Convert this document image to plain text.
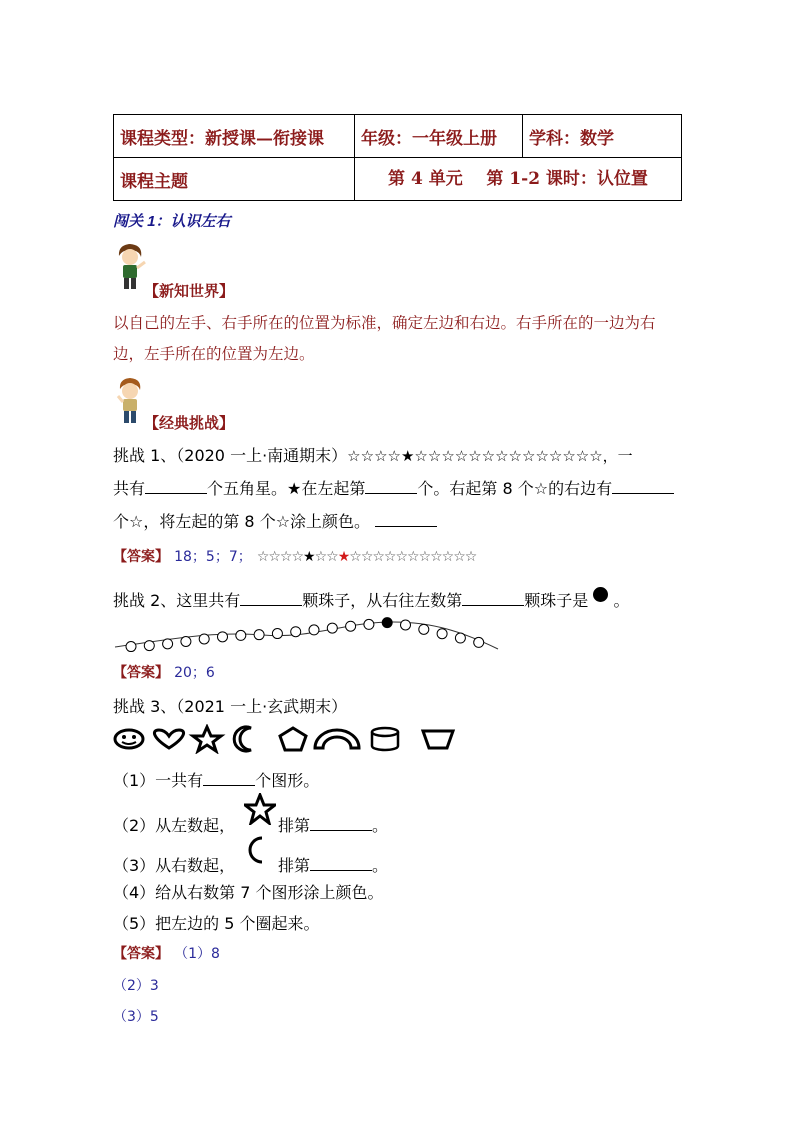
课程类型：新授课—衔接课	年级：一年级上册	学科：数学
课程主题	第 4 单元    第 1-2 课时：认位置	
闯关 1：认识左右
【新知世界】
以自己的左手、右手所在的位置为标准，确定左边和右边。右手所在的一边为右
边，左手所在的位置为左边。
【经典挑战】
挑战 1、（2020 一上·南通期末）☆☆☆☆★☆☆☆☆☆☆☆☆☆☆☆☆☆☆，一
共有	个五角星。★在左起第	个。右起第 8 个☆的右边有
个☆，将左起的第 8 个☆涂上颜色。
【答案】 18；5；7； ☆☆☆☆★☆☆★☆☆☆☆☆☆☆☆☆☆☆
挑战 2、这里共有	颗珠子，从右往左数第	颗珠子是 。
【答案】 20；6
挑战 3、（2021 一上·玄武期末）
（1）一共有	个图形。
（2）从左数起，	排第	。
（3）从右数起，	排第	。
（4）给从右数第 7 个图形涂上颜色。
（5）把左边的 5 个圈起来。
【答案】 （1）8
（2）3
（3）5
